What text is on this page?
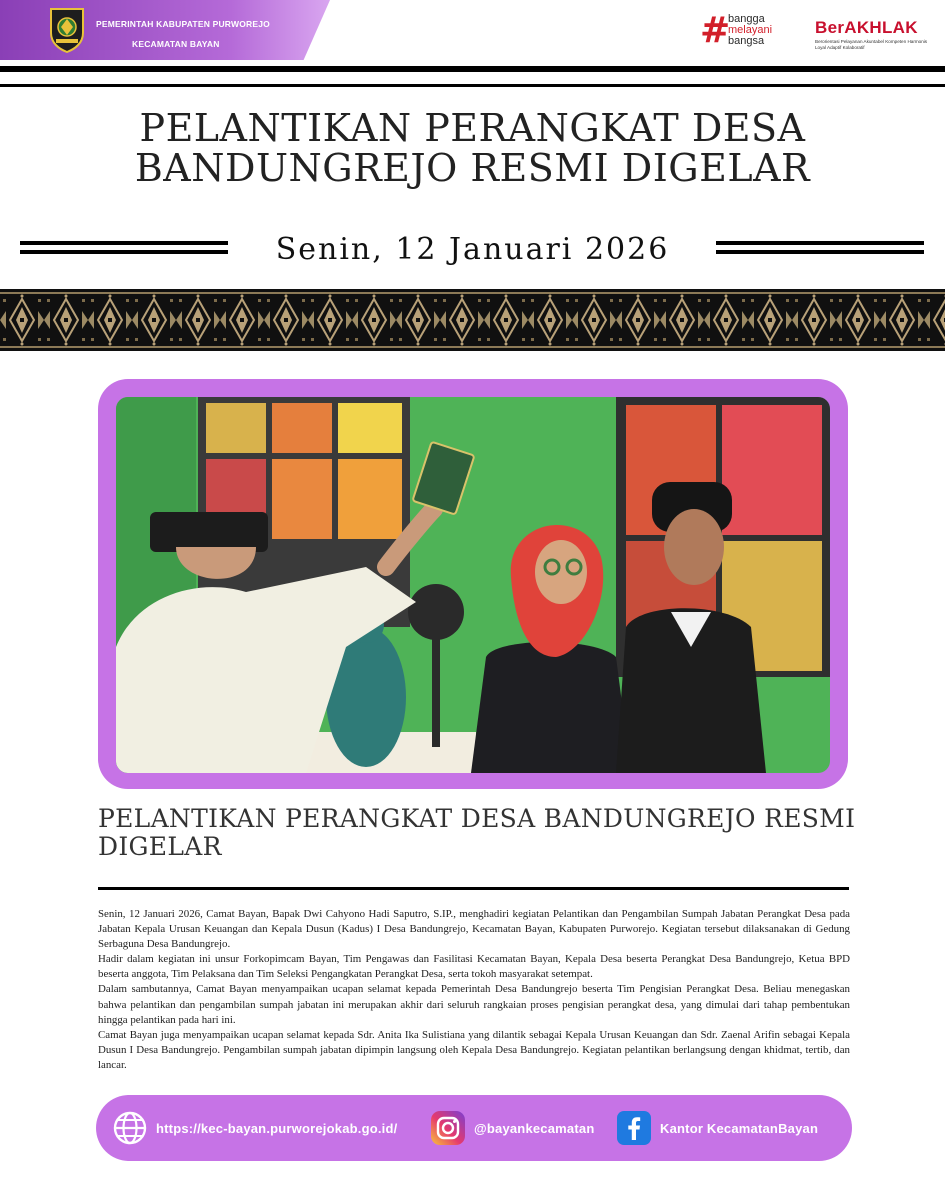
PEMERINTAH KABUPATEN PURWOREJO
KECAMATAN BAYAN	#
bangga
melayani
bangsa
BerAKHLAK
Berorientasi Pelayanan Akuntabel Kompeten Harmonis Loyal Adaptif Kolaboratif
PELANTIKAN PERANGKAT DESA BANDUNGREJO RESMI DIGELAR
Senin, 12 Januari 2026
PELANTIKAN PERANGKAT DESA BANDUNGREJO RESMI DIGELAR

Senin, 12 Januari 2026, Camat Bayan, Bapak Dwi Cahyono Hadi Saputro, S.IP., menghadiri kegiatan Pelantikan dan Pengambilan Sumpah Jabatan Perangkat Desa pada Jabatan Kepala Urusan Keuangan dan Kepala Dusun (Kadus) I Desa Bandungrejo, Kecamatan Bayan, Kabupaten Purworejo. Kegiatan tersebut dilaksanakan di Gedung Serbaguna Desa Bandungrejo.

Hadir dalam kegiatan ini unsur Forkopimcam Bayan, Tim Pengawas dan Fasilitasi Kecamatan Bayan, Kepala Desa beserta Perangkat Desa Bandungrejo, Ketua BPD beserta anggota, Tim Pelaksana dan Tim Seleksi Pengangkatan Perangkat Desa, serta tokoh masyarakat setempat.

Dalam sambutannya, Camat Bayan menyampaikan ucapan selamat kepada Pemerintah Desa Bandungrejo beserta Tim Pengisian Perangkat Desa. Beliau menegaskan bahwa pelantikan dan pengambilan sumpah jabatan ini merupakan akhir dari seluruh rangkaian proses pengisian perangkat desa, yang dimulai dari tahap pembentukan hingga pelantikan pada hari ini.

Camat Bayan juga menyampaikan ucapan selamat kepada Sdr. Anita Ika Sulistiana yang dilantik sebagai Kepala Urusan Keuangan dan Sdr. Zaenal Arifin sebagai Kepala Dusun I Desa Bandungrejo. Pengambilan sumpah jabatan dipimpin langsung oleh Kepala Desa Bandungrejo. Kegiatan pelantikan berlangsung dengan khidmat, tertib, dan lancar.

https://kec-bayan.purworejokab.go.id/	@bayankecamatan	Kantor KecamatanBayan
